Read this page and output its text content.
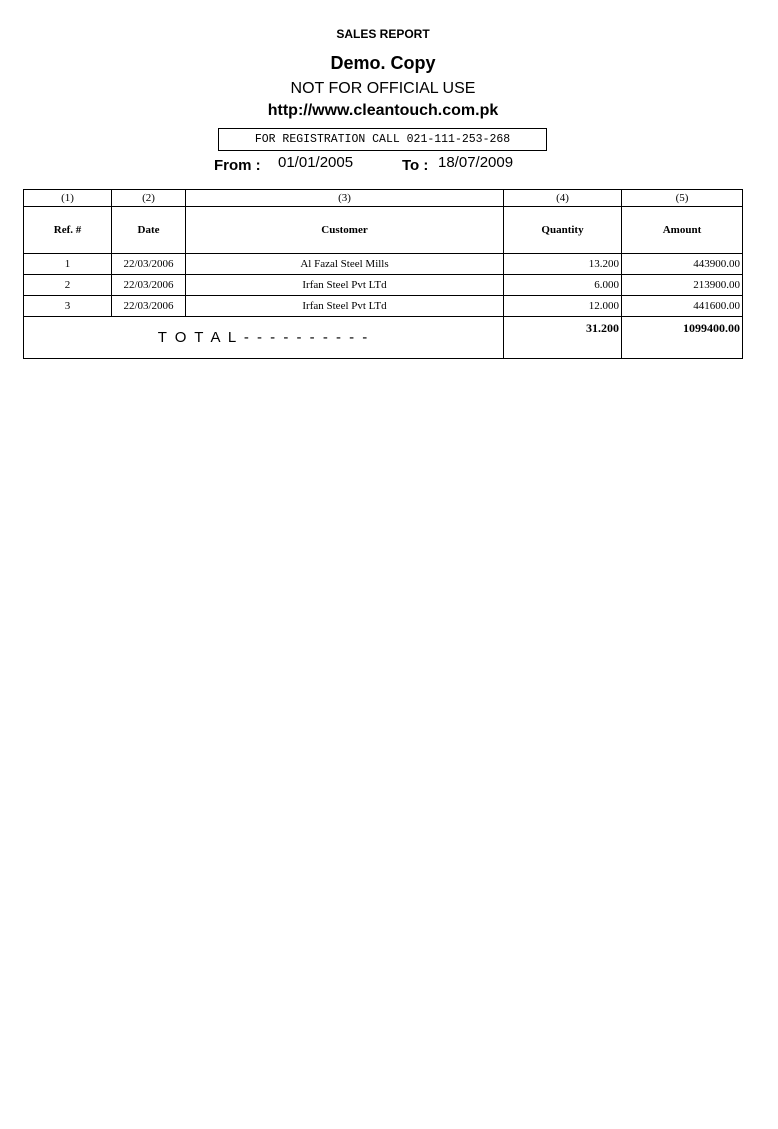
SALES REPORT
Demo. Copy
NOT FOR OFFICIAL USE
http://www.cleantouch.com.pk
FOR REGISTRATION CALL 021-111-253-268
From : 01/01/2005	To : 18/07/2009
(1)	(2)	(3)	(4)	(5)
Ref. #	Date	Customer	Quantity	Amount
1	22/03/2006	Al Fazal Steel Mills	13.200	443900.00
2	22/03/2006	Irfan Steel Pvt LTd	6.000	213900.00
3	22/03/2006	Irfan Steel Pvt LTd	12.000	441600.00
T O T A L - - - - - - - - - -			31.200	1099400.00
